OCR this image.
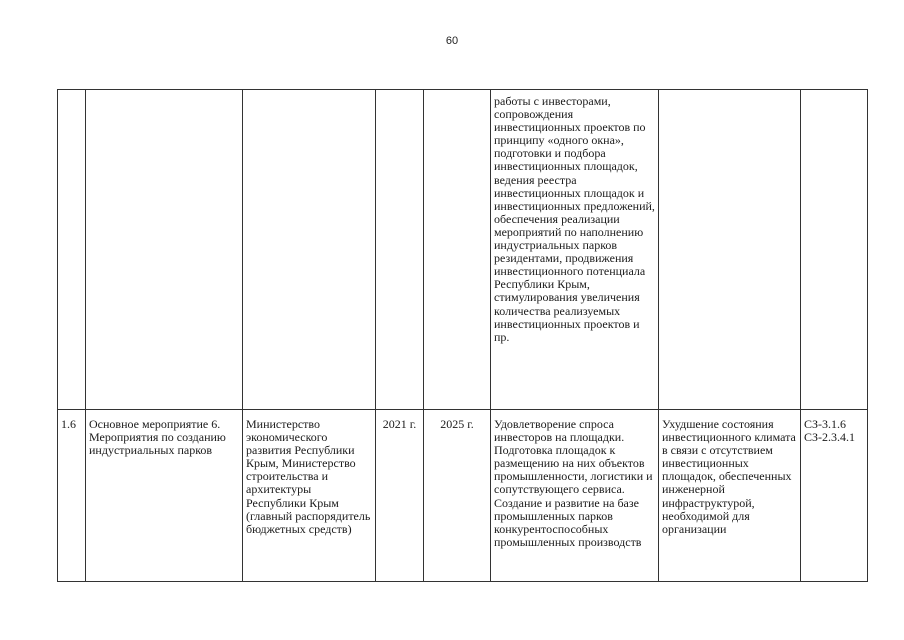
60
					работы с инвесторами, сопровождения инвестиционных проектов по принципу «одного окна», подготовки и подбора инвестиционных площадок, ведения реестра инвестиционных площадок и инвестиционных предложений, обеспечения реализации мероприятий по наполнению индустриальных парков резидентами, продвижения инвестиционного потенциала Республики Крым, стимулирования увеличения количества реализуемых инвестиционных проектов и пр.		
1.6	Основное мероприятие 6. Мероприятия по созданию индустриальных парков	Министерство экономического развития Республики Крым, Министерство строительства и архитектуры Республики Крым (главный распорядитель бюджетных средств)	2021 г.	2025 г.	Удовлетворение спроса инвесторов на площадки. Подготовка площадок к размещению на них объектов промышленности, логистики и сопутствующего сервиса. Создание и развитие на базе промышленных парков конкурентоспособных промышленных производств	Ухудшение состояния инвестиционного климата в связи с отсутствием инвестиционных площадок, обеспеченных инженерной инфраструктурой, необходимой для организации	СЗ-3.1.6 СЗ-2.3.4.1
